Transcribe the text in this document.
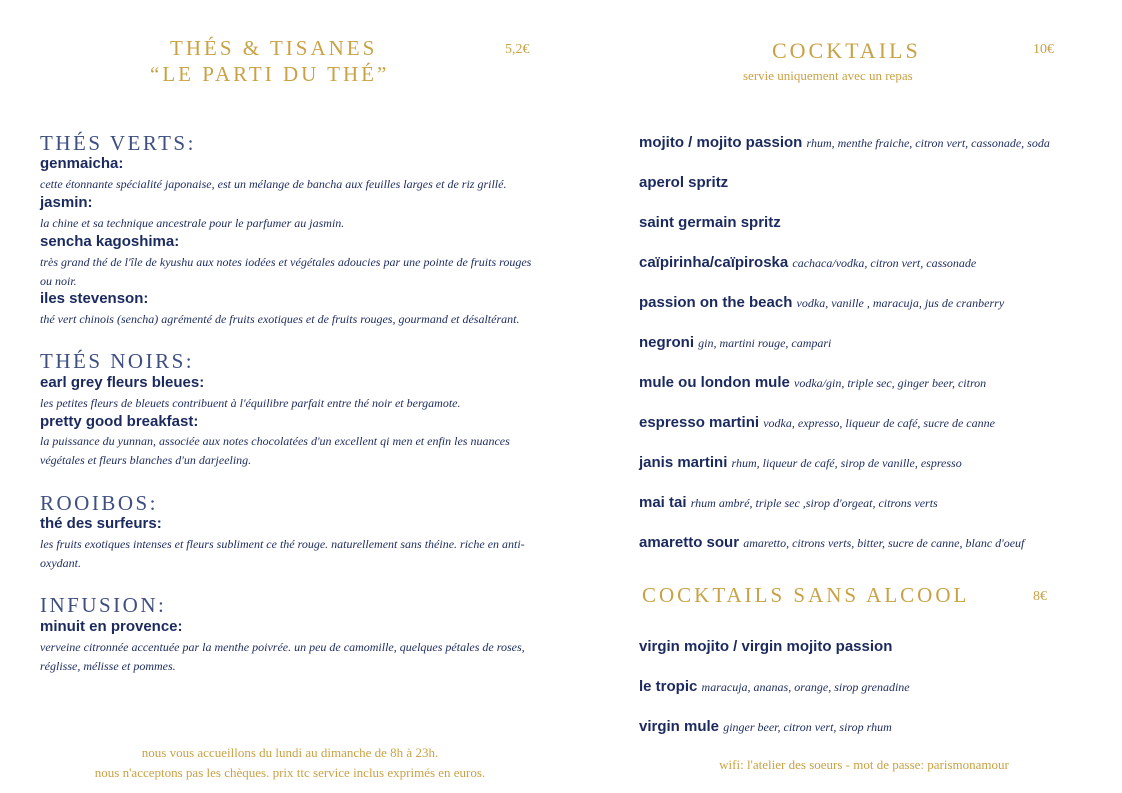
THÉS & TISANES
“LE PARTI DU THÉ”
5,2€
THÉS VERTS:
genmaicha:
cette étonnante spécialité japonaise, est un mélange de bancha aux feuilles larges et de riz grillé.
jasmin:
la chine et sa technique ancestrale pour le parfumer au jasmin.
sencha kagoshima:
très grand thé de l'île de kyushu aux notes iodées et végétales adoucies par une pointe de fruits rouges ou noir.
iles stevenson:
thé vert chinois (sencha) agrémenté de fruits exotiques et de fruits rouges, gourmand et désaltérant.
THÉS NOIRS:
earl grey fleurs bleues:
les petites fleurs de bleuets contribuent à l'équilibre parfait entre thé noir et bergamote.
pretty good breakfast:
la puissance du yunnan, associée aux notes chocolatées d'un excellent qi men et enfin les nuances végétales et fleurs blanches d'un darjeeling.
ROOIBOS:
thé des surfeurs:
les fruits exotiques intenses et fleurs subliment ce thé rouge. naturellement sans théine. riche en anti-oxydant.
INFUSION:
minuit en provence:
verveine citronnée accentuée par la menthe poivrée. un peu de camomille, quelques pétales de roses, réglisse, mélisse et pommes.
nous vous accueillons du lundi au dimanche de 8h à 23h.
nous n'acceptons pas les chèques. prix ttc service inclus exprimés en euros.
COCKTAILS	10€
servie uniquement avec un repas
mojito / mojito passion rhum, menthe fraiche, citron vert, cassonade, soda
aperol spritz
saint germain spritz
caïpirinha/caïpiroska cachaca/vodka, citron vert, cassonade
passion on the beach vodka, vanille , maracuja, jus de cranberry
negroni gin, martini rouge, campari
mule ou london mule vodka/gin, triple sec, ginger beer, citron
espresso martini vodka, expresso, liqueur de café, sucre de canne
janis martini rhum, liqueur de café, sirop de vanille, espresso
mai tai rhum ambré, triple sec ,sirop d'orgeat, citrons verts
amaretto sour amaretto, citrons verts, bitter, sucre de canne, blanc d'oeuf
COCKTAILS SANS ALCOOL	8€
virgin mojito / virgin mojito passion
le tropic maracuja, ananas, orange, sirop grenadine
virgin mule ginger beer, citron vert, sirop rhum
wifi: l'atelier des soeurs - mot de passe: parismonamour
